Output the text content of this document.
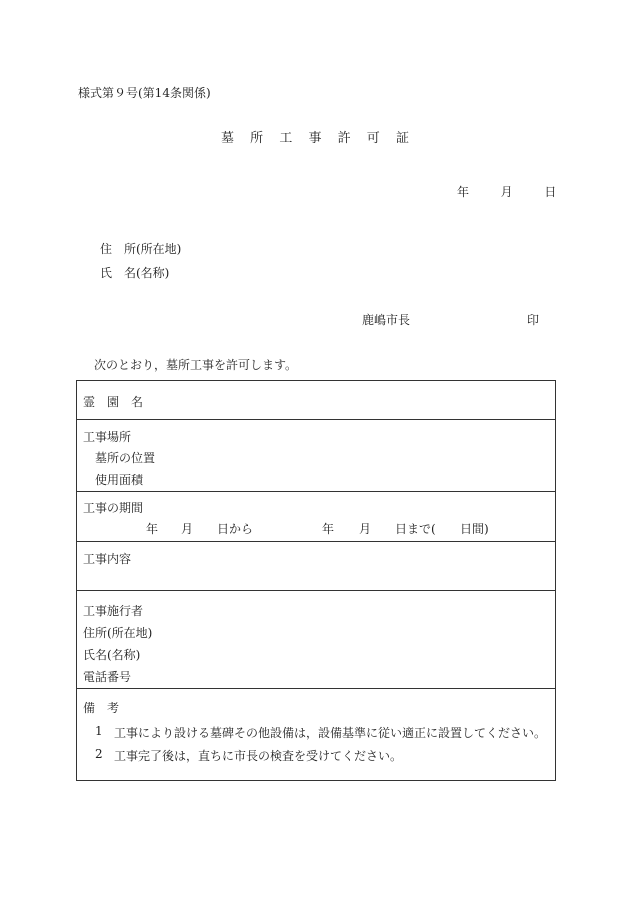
様式第９号(第14条関係)
墓 所 工 事 許 可 証
年	月	日
住　所(所在地)
氏　名(名称)
鹿嶋市長	印
次のとおり，墓所工事を許可します。
霊　園　名
工事場所
墓所の位置
使用面積
工事の期間
年 月 日から	年 月 日まで( 日間)
工事内容
工事施行者
住所(所在地)
氏名(名称)
電話番号
備　考
1 工事により設ける墓碑その他設備は，設備基準に従い適正に設置してください。
2 工事完了後は，直ちに市長の検査を受けてください。
